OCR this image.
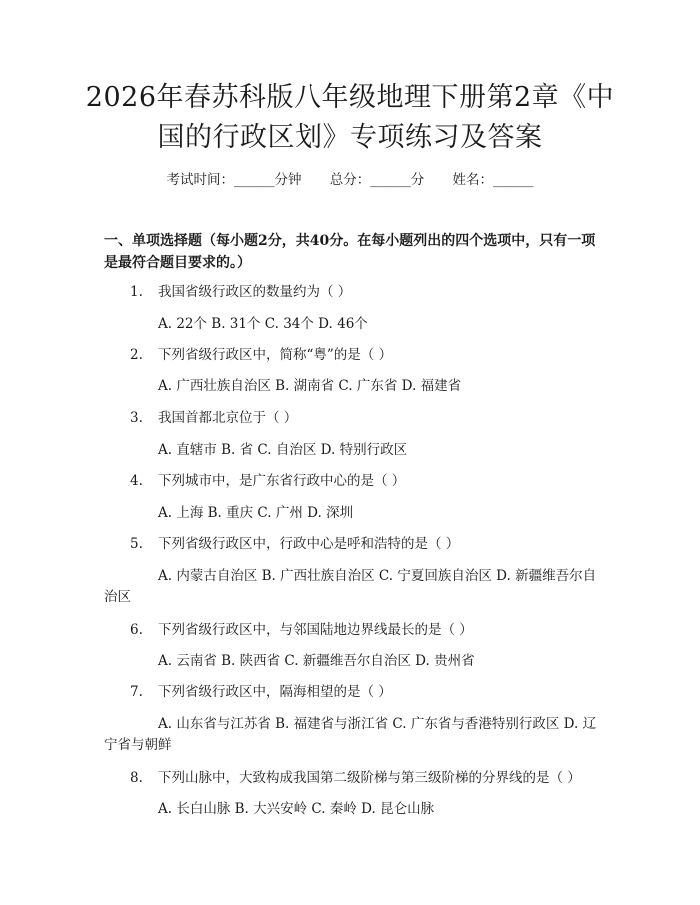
2026年春苏科版八年级地理下册第2章《中
国的行政区划》专项练习及答案
考试时间：______分钟 总分：______分 姓名：______
一、单项选择题（每小题2分，共40分。在每小题列出的四个选项中，只有一项
是最符合题目要求的。）
1. 我国省级行政区的数量约为（ ）
A. 22个 B. 31个 C. 34个 D. 46个
2. 下列省级行政区中，简称“粤”的是（ ）
A. 广西壮族自治区 B. 湖南省 C. 广东省 D. 福建省
3. 我国首都北京位于（ ）
A. 直辖市 B. 省 C. 自治区 D. 特别行政区
4. 下列城市中，是广东省行政中心的是（ ）
A. 上海 B. 重庆 C. 广州 D. 深圳
5. 下列省级行政区中，行政中心是呼和浩特的是（ ）
A. 内蒙古自治区 B. 广西壮族自治区 C. 宁夏回族自治区 D. 新疆维吾尔自治区
6. 下列省级行政区中，与邻国陆地边界线最长的是（ ）
A. 云南省 B. 陕西省 C. 新疆维吾尔自治区 D. 贵州省
7. 下列省级行政区中，隔海相望的是（ ）
A. 山东省与江苏省 B. 福建省与浙江省 C. 广东省与香港特别行政区 D. 辽宁省与朝鲜
8. 下列山脉中，大致构成我国第二级阶梯与第三级阶梯的分界线的是（ ）
A. 长白山脉 B. 大兴安岭 C. 秦岭 D. 昆仑山脉
